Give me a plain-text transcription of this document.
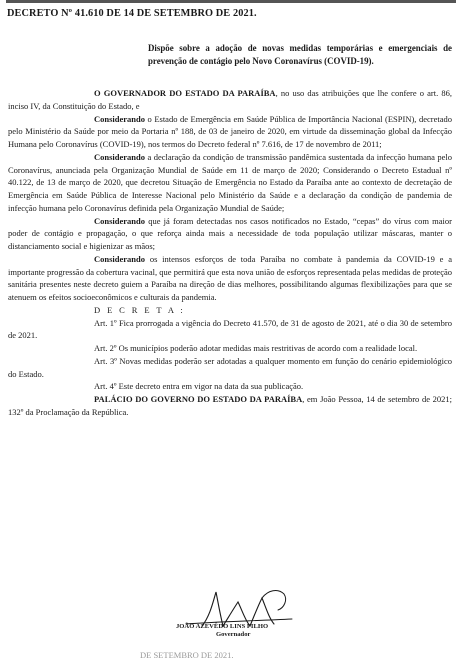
DECRETO Nº 41.610 DE 14 DE SETEMBRO DE 2021.
Dispõe sobre a adoção de novas medidas temporárias e emergenciais de prevenção de contágio pelo Novo Coronavírus (COVID-19).

O GOVERNADOR DO ESTADO DA PARAÍBA, no uso das atribuições que lhe confere o art. 86, inciso IV, da Constituição do Estado, e

Considerando o Estado de Emergência em Saúde Pública de Importância Nacional (ESPIN), decretado pelo Ministério da Saúde por meio da Portaria nº 188, de 03 de janeiro de 2020, em virtude da disseminação global da Infecção Humana pelo Coronavírus (COVID-19), nos termos do Decreto federal nº 7.616, de 17 de novembro de 2011;

Considerando a declaração da condição de transmissão pandêmica sustentada da infecção humana pelo Coronavírus, anunciada pela Organização Mundial de Saúde em 11 de março de 2020; Considerando o Decreto Estadual nº 40.122, de 13 de março de 2020, que decretou Situação de Emergência no Estado da Paraíba ante ao contexto de decretação de Emergência em Saúde Pública de Interesse Nacional pelo Ministério da Saúde e a declaração da condição de pandemia de infecção humana pelo Coronavírus definida pela Organização Mundial de Saúde;

Considerando que já foram detectadas nos casos notificados no Estado, “cepas” do vírus com maior poder de contágio e propagação, o que reforça ainda mais a necessidade de toda população utilizar máscaras, manter o distanciamento social e higienizar as mãos;

Considerando os intensos esforços de toda Paraíba no combate à pandemia da COVID-19 e a importante progressão da cobertura vacinal, que permitirá que esta nova união de esforços representada pelas medidas de proteção sanitária presentes neste decreto guiem a Paraíba na direção de dias melhores, possibilitando algumas flexibilizações para que se atenuem os efeitos socioeconômicos e culturais da pandemia.

D E C R E T A :

Art. 1º Fica prorrogada a vigência do Decreto 41.570, de 31 de agosto de 2021, até o dia 30 de setembro de 2021.

Art. 2º Os municípios poderão adotar medidas mais restritivas de acordo com a realidade local.

Art. 3º Novas medidas poderão ser adotadas a qualquer momento em função do cenário epidemiológico do Estado.

Art. 4º Este decreto entra em vigor na data da sua publicação.

PALÁCIO DO GOVERNO DO ESTADO DA PARAÍBA, em João Pessoa, 14 de setembro de 2021; 132º da Proclamação da República.

JOÃO AZEVÊDO LINS FILHO
Governador
DE SETEMBRO DE 2021.
